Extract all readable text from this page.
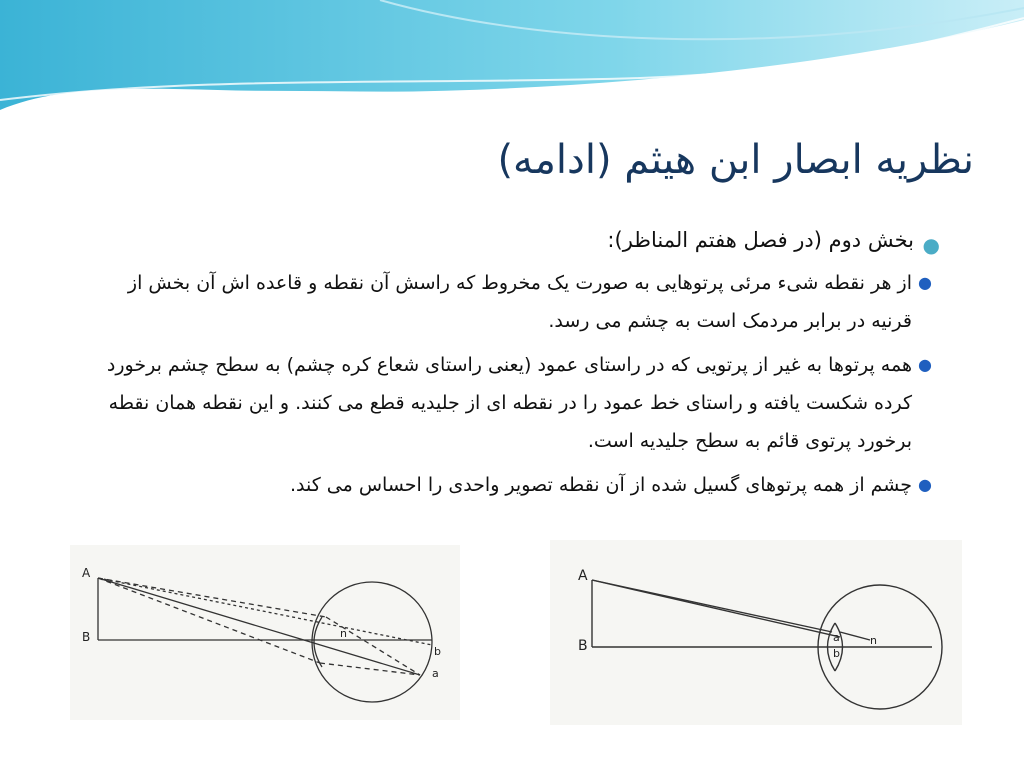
نظریه ابصار ابن هیثم (ادامه)
●
بخش دوم (در فصل هفتم المناظر):
●
از هر نقطه شیء مرئی پرتوهایی به صورت یک مخروط که راسش آن نقطه و قاعده اش آن بخش از قرنیه در برابر مردمک است به چشم می رسد.
●
همه پرتوها به غیر از پرتویی که در راستای عمود (یعنی راستای شعاع کره چشم) به سطح چشم برخورد کرده شکست یافته و راستای خط عمود را در نقطه ای از جلیدیه قطع می کنند. و این نقطه همان نقطه برخورد پرتوی قائم به سطح جلیدیه است.
●
چشم از همه پرتوهای گسیل شده از آن نقطه تصویر واحدی را احساس می کند.
A
B	n
b
a
A
B
a
b
n
